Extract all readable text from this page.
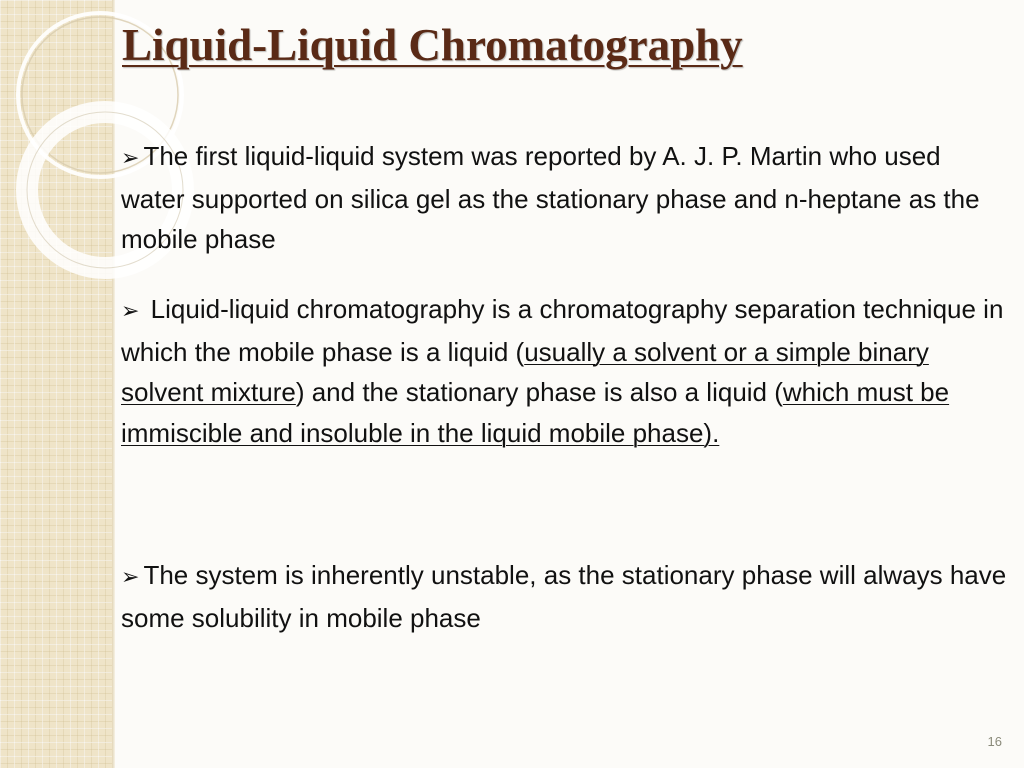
Liquid-Liquid Chromatography

➢ The first liquid-liquid system was reported by A. J. P. Martin who used water supported on silica gel as the stationary phase and n-heptane as the mobile phase

➢ Liquid-liquid chromatography is a chromatography separation technique in which the mobile phase is a liquid (usually a solvent or a simple binary solvent mixture) and the stationary phase is also a liquid (which must be immiscible and insoluble in the liquid mobile phase).

➢ The system is inherently unstable, as the stationary phase will always have some solubility in mobile phase

16
